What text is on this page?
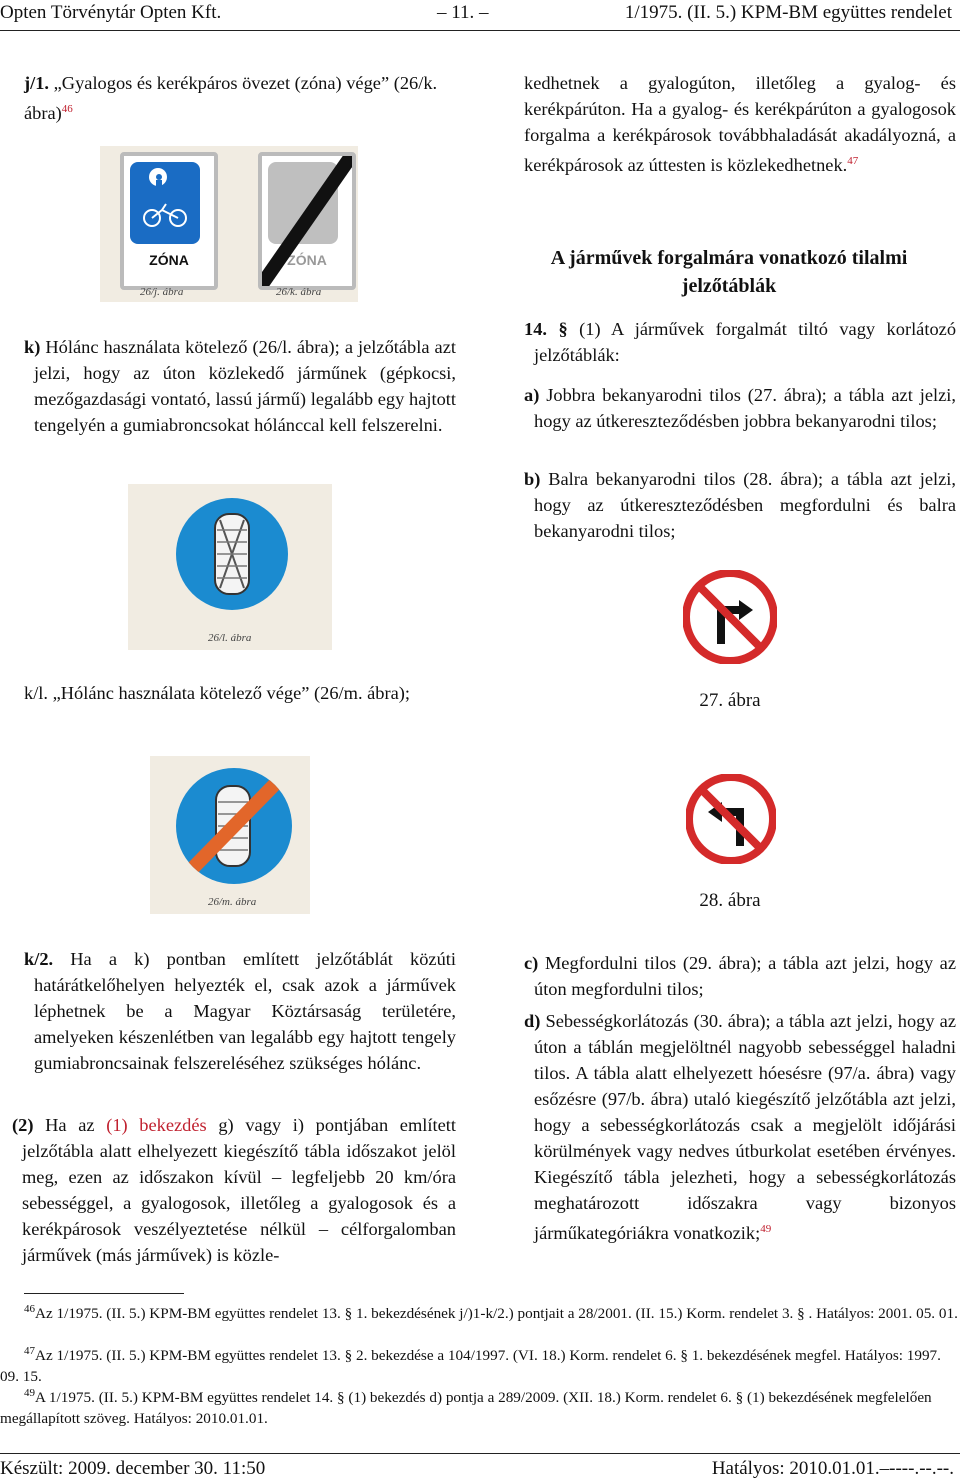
Opten Törvénytár Opten Kft.	– 11. –	1/1975. (II. 5.) KPM-BM együttes rendelet

j/1. „Gyalogos és kerékpáros övezet (zóna) vége” (26/k. ábra)$^{46}$

ZÓNA	ZÓNA
26/j. ábra	26/k. ábra

k) Hólánc használata kötelező (26/l. ábra); a jelzőtábla azt jelzi, hogy az úton közlekedő járműnek (gépkocsi, mezőgazdasági vontató, lassú jármű) legalább egy hajtott tengelyén a gumiabroncsokat hólánccal kell felszerelni.

26/l. ábra

k/l. „Hólánc használata kötelező vége” (26/m. ábra);

26/m. ábra

k/2. Ha a k) pontban említett jelzőtáblát közúti határátkelőhelyen helyezték el, csak azok a járművek léphetnek be a Magyar Köztársaság területére, amelyeken készenlétben van legalább egy hajtott tengely gumiabroncsainak felszereléséhez szükséges hólánc.

(2) Ha az (1) bekezdés g) vagy i) pontjában említett jelzőtábla alatt elhelyezett kiegészítő tábla időszakot jelöl meg, ezen az időszakon kívül – legfeljebb 20 km/óra sebességgel, a gyalogosok, illetőleg a gyalogosok és a kerékpárosok veszélyeztetése nélkül – célforgalomban járművek (más járművek) is közle-

kedhetnek a gyalogúton, illetőleg a gyalog- és kerékpárúton. Ha a gyalog- és kerékpárúton a gyalogosok forgalma a kerékpárosok továbbhaladását akadályozná, a kerékpárosok az úttesten is közlekedhetnek.$^{47}$

A járművek forgalmára vonatkozó tilalmi jelzőtáblák

14. § (1) A járművek forgalmát tiltó vagy korlátozó jelzőtáblák:

a) Jobbra bekanyarodni tilos (27. ábra); a tábla azt jelzi, hogy az útkereszteződésben jobbra bekanyarodni tilos;

b) Balra bekanyarodni tilos (28. ábra); a tábla azt jelzi, hogy az útkereszteződésben megfordulni és balra bekanyarodni tilos;

27. ábra
28. ábra

c) Megfordulni tilos (29. ábra); a tábla azt jelzi, hogy az úton megfordulni tilos;

d) Sebességkorlátozás (30. ábra); a tábla azt jelzi, hogy az úton a táblán megjelöltnél nagyobb sebességgel haladni tilos. A tábla alatt elhelyezett hóesésre (97/a. ábra) vagy esőzésre (97/b. ábra) utaló kiegészítő jelzőtábla azt jelzi, hogy a sebességkorlátozás csak a megjelölt időjárási körülmények vagy nedves útburkolat esetében érvényes. Kiegészítő tábla jelezheti, hogy a sebességkorlátozás meghatározott időszakra vagy bizonyos járműkategóriákra vonatkozik;$^{49}$

$^{46}$Az 1/1975. (II. 5.) KPM-BM együttes rendelet 13. § 1. bekezdésének j/)1-k/2.) pontjait a 28/2001. (II. 15.) Korm. rendelet 3. § . Hatályos: 2001. 05. 01.
$^{47}$Az 1/1975. (II. 5.) KPM-BM együttes rendelet 13. § 2. bekezdése a 104/1997. (VI. 18.) Korm. rendelet 6. § 1. bekezdésének megfel. Hatályos: 1997. 09. 15.
$^{49}$A 1/1975. (II. 5.) KPM-BM együttes rendelet 14. § (1) bekezdés d) pontja a 289/2009. (XII. 18.) Korm. rendelet 6. § (1) bekezdésének megfelelően megállapított szöveg. Hatályos: 2010.01.01.
Készült: 2009. december 30. 11:50	Hatályos: 2010.01.01.–----.--.--.
